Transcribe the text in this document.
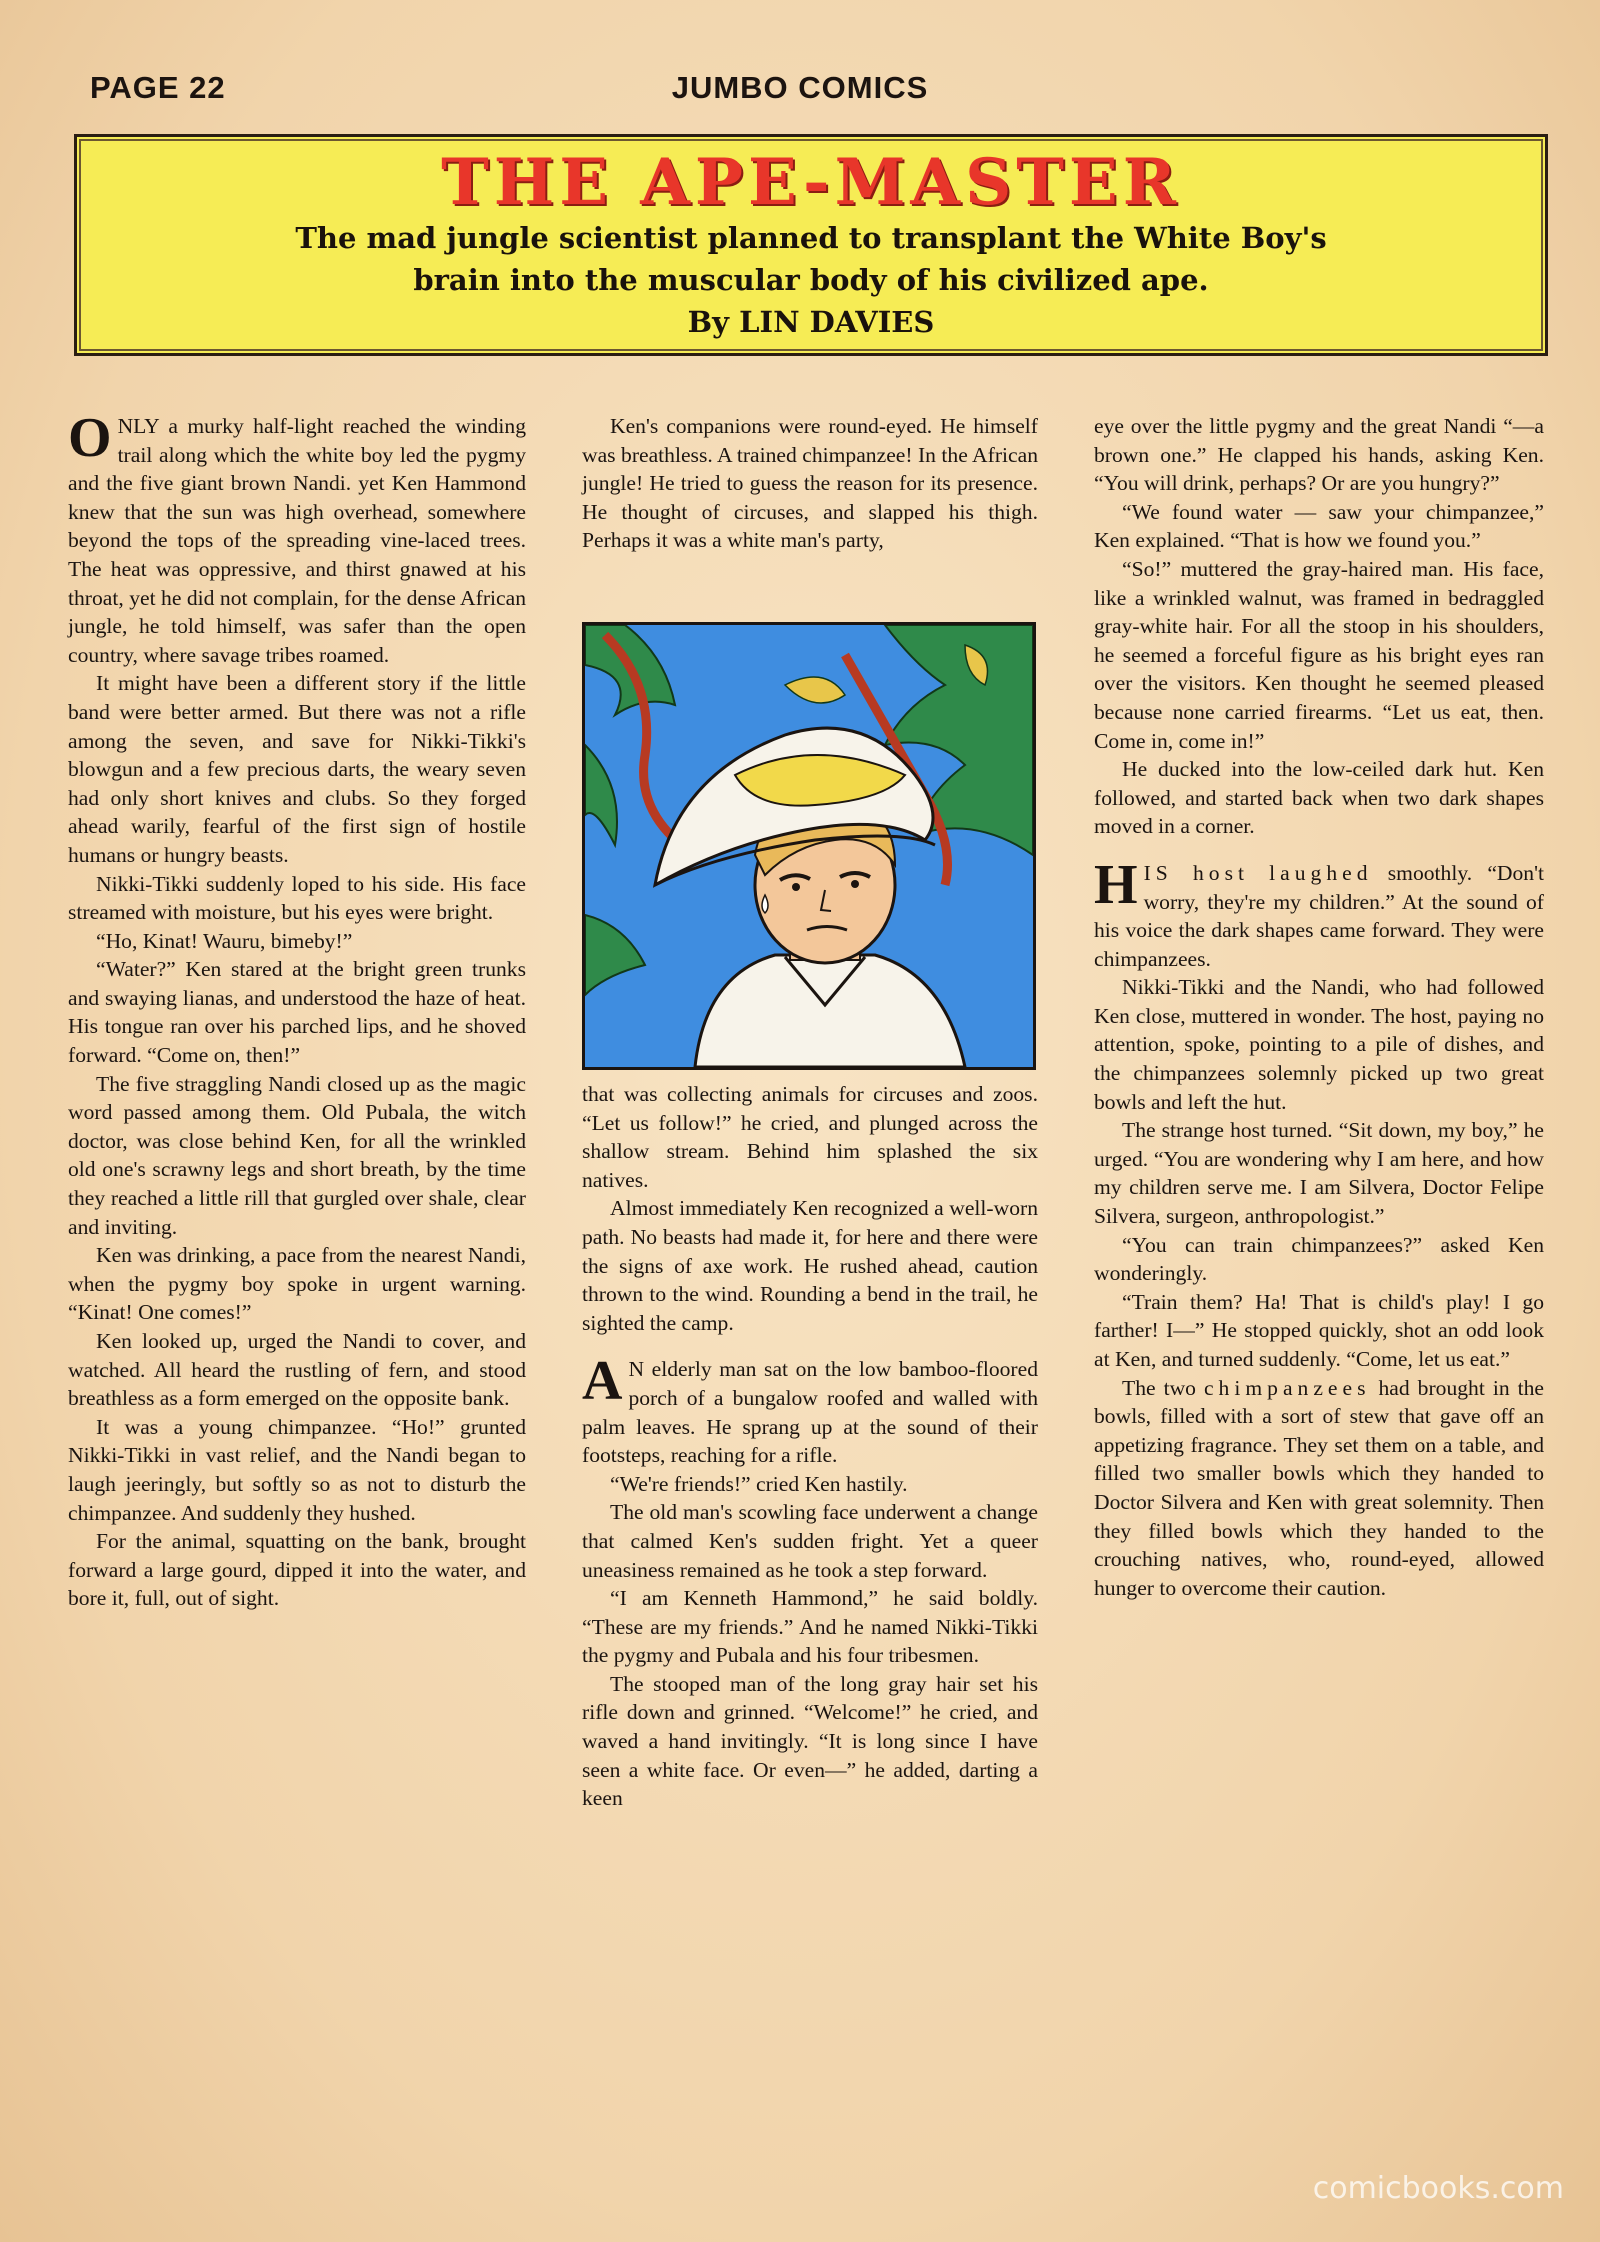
PAGE 22	JUMBO COMICS
THE APE-MASTER
The mad jungle scientist planned to transplant the White Boy's
brain into the muscular body of his civilized ape.
By LIN DAVIES

ONLY a murky half-light reached the winding trail along which the white boy led the pygmy and the five giant brown Nandi. yet Ken Hammond knew that the sun was high overhead, somewhere beyond the tops of the spreading vine-laced trees. The heat was oppressive, and thirst gnawed at his throat, yet he did not complain, for the dense African jungle, he told himself, was safer than the open country, where savage tribes roamed.

It might have been a different story if the little band were better armed. But there was not a rifle among the seven, and save for Nikki-Tikki's blowgun and a few precious darts, the weary seven had only short knives and clubs. So they forged ahead warily, fearful of the first sign of hostile humans or hungry beasts.

Nikki-Tikki suddenly loped to his side. His face streamed with moisture, but his eyes were bright.

“Ho, Kinat! Wauru, bimeby!”

“Water?” Ken stared at the bright green trunks and swaying lianas, and understood the haze of heat. His tongue ran over his parched lips, and he shoved forward. “Come on, then!”

The five straggling Nandi closed up as the magic word passed among them. Old Pubala, the witch doctor, was close behind Ken, for all the wrinkled old one's scrawny legs and short breath, by the time they reached a little rill that gurgled over shale, clear and inviting.

Ken was drinking, a pace from the nearest Nandi, when the pygmy boy spoke in urgent warning. “Kinat! One comes!”

Ken looked up, urged the Nandi to cover, and watched. All heard the rustling of fern, and stood breathless as a form emerged on the opposite bank.

It was a young chimpanzee. “Ho!” grunted Nikki-Tikki in vast relief, and the Nandi began to laugh jeeringly, but softly so as not to disturb the chimpanzee. And suddenly they hushed.

For the animal, squatting on the bank, brought forward a large gourd, dipped it into the water, and bore it, full, out of sight.

Ken's companions were round-eyed. He himself was breathless. A trained chimpanzee! In the African jungle! He tried to guess the reason for its presence. He thought of circuses, and slapped his thigh. Perhaps it was a white man's party,

that was collecting animals for circuses and zoos. “Let us follow!” he cried, and plunged across the shallow stream. Behind him splashed the six natives.

Almost immediately Ken recognized a well-worn path. No beasts had made it, for here and there were the signs of axe work. He rushed ahead, caution thrown to the wind. Rounding a bend in the trail, he sighted the camp.

A N elderly man sat on the low bamboo-floored porch of a bungalow roofed and walled with palm leaves. He sprang up at the sound of their footsteps, reaching for a rifle.

“We're friends!” cried Ken hastily.

The old man's scowling face underwent a change that calmed Ken's sudden fright. Yet a queer uneasiness remained as he took a step forward.

“I am Kenneth Hammond,” he said boldly. “These are my friends.” And he named Nikki-Tikki the pygmy and Pubala and his four tribesmen.

The stooped man of the long gray hair set his rifle down and grinned. “Welcome!” he cried, and waved a hand invitingly. “It is long since I have seen a white face. Or even—” he added, darting a keen

eye over the little pygmy and the great Nandi “—a brown one.” He clapped his hands, asking Ken. “You will drink, perhaps? Or are you hungry?”

“We found water — saw your chimpanzee,” Ken explained. “That is how we found you.”

“So!” muttered the gray-haired man. His face, like a wrinkled walnut, was framed in bedraggled gray-white hair. For all the stoop in his shoulders, he seemed a forceful figure as his bright eyes ran over the visitors. Ken thought he seemed pleased because none carried firearms. “Let us eat, then. Come in, come in!”

He ducked into the low-ceiled dark hut. Ken followed, and started back when two dark shapes moved in a corner.

HIS host laughed smoothly. “Don't worry, they're my children.” At the sound of his voice the dark shapes came forward. They were chimpanzees.

Nikki-Tikki and the Nandi, who had followed Ken close, muttered in wonder. The host, paying no attention, spoke, pointing to a pile of dishes, and the chimpanzees solemnly picked up two great bowls and left the hut.

The strange host turned. “Sit down, my boy,” he urged. “You are wondering why I am here, and how my children serve me. I am Silvera, Doctor Felipe Silvera, surgeon, anthropologist.”

“You can train chimpanzees?” asked Ken wonderingly.

“Train them? Ha! That is child's play! I go farther! I—” He stopped quickly, shot an odd look at Ken, and turned suddenly. “Come, let us eat.”

The two chimpanzees had brought in the bowls, filled with a sort of stew that gave off an appetizing fragrance. They set them on a table, and filled two smaller bowls which they handed to Doctor Silvera and Ken with great solemnity. Then they filled bowls which they handed to the crouching natives, who, round-eyed, allowed hunger to overcome their caution.

comicbooks.com
